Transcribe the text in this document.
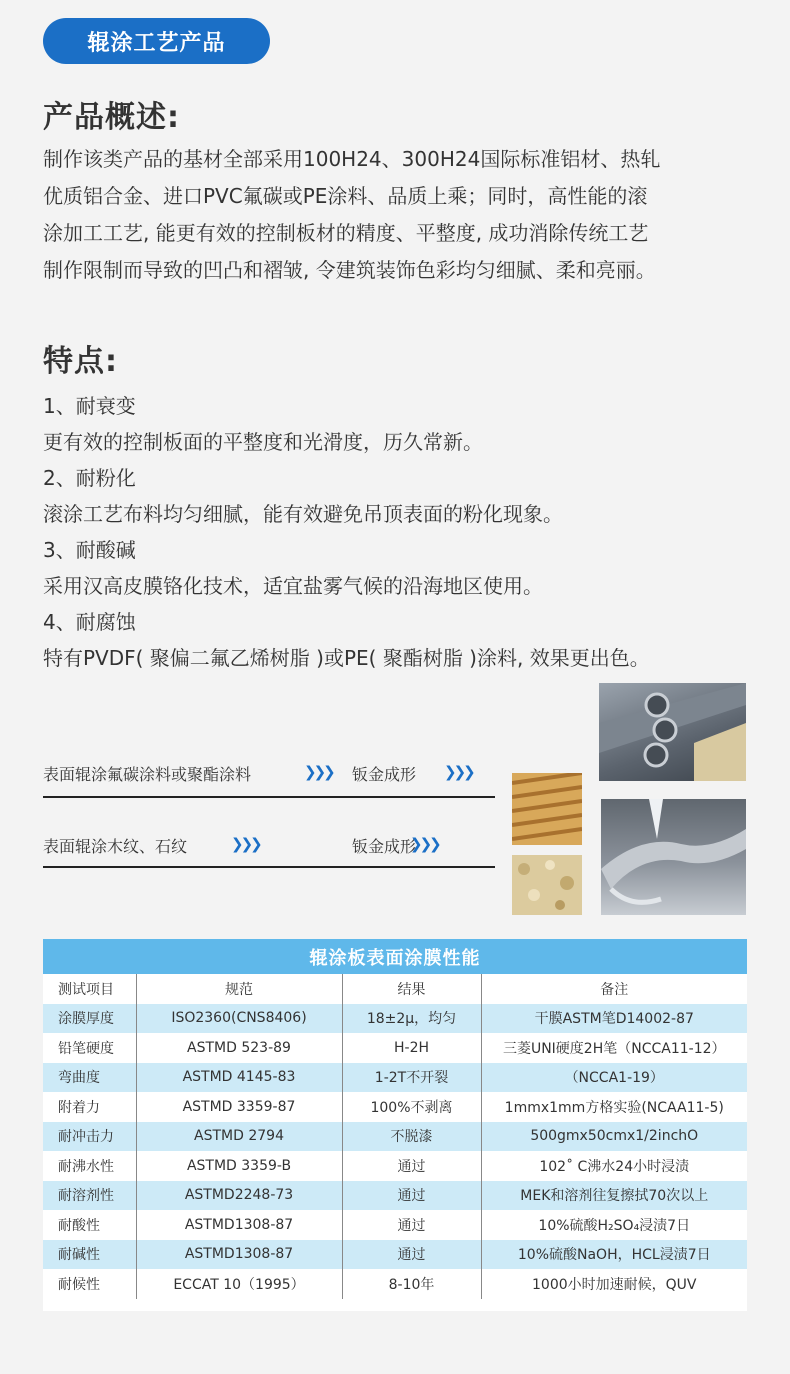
辊涂工艺产品
产品概述:
制作该类产品的基材全部采用100H24、300H24国际标准铝材、热轧
优质铝合金、进口PVC氟碳或PE涂料、品质上乘；同时，高性能的滚
涂加工工艺, 能更有效的控制板材的精度、平整度, 成功消除传统工艺
制作限制而导致的凹凸和褶皱, 令建筑装饰色彩均匀细腻、柔和亮丽。
特点:
1、耐衰变
更有效的控制板面的平整度和光滑度，历久常新。
2、耐粉化
滚涂工艺布料均匀细腻，能有效避免吊顶表面的粉化现象。
3、耐酸碱
采用汉高皮膜铬化技术，适宜盐雾气候的沿海地区使用。
4、耐腐蚀
特有PVDF( 聚偏二氟乙烯树脂 )或PE( 聚酯树脂 )涂料, 效果更出色。
表面辊涂氟碳涂料或聚酯涂料	❯❯❯ 钣金成形 ❯❯❯
表面辊涂木纹、石纹	❯❯❯	钣金成形
❯❯❯
辊涂板表面涂膜性能
测试项目	规范	结果	备注
涂膜厚度	ISO2360(CNS8406)	18±2μ，均匀	干膜ASTM笔D14002-87
铅笔硬度	ASTMD 523-89	H-2H	三菱UNI硬度2H笔（NCCA11-12）
弯曲度	ASTMD 4145-83	1-2T不开裂	（NCCA1-19）
附着力	ASTMD 3359-87	100%不剥离	1mmx1mm方格实验(NCAA11-5)
耐冲击力	ASTMD 2794	不脱漆	500gmx50cmx1/2inchO
耐沸水性	ASTMD 3359-B	通过	102˚ C沸水24小时浸渍
耐溶剂性	ASTMD2248-73	通过	MEK和溶剂往复擦拭70次以上
耐酸性	ASTMD1308-87	通过	10%硫酸H₂SO₄浸渍7日
耐碱性	ASTMD1308-87	通过	10%硫酸NaOH，HCL浸渍7日
耐候性	ECCAT 10（1995）	8-10年	1000小时加速耐候，QUV
